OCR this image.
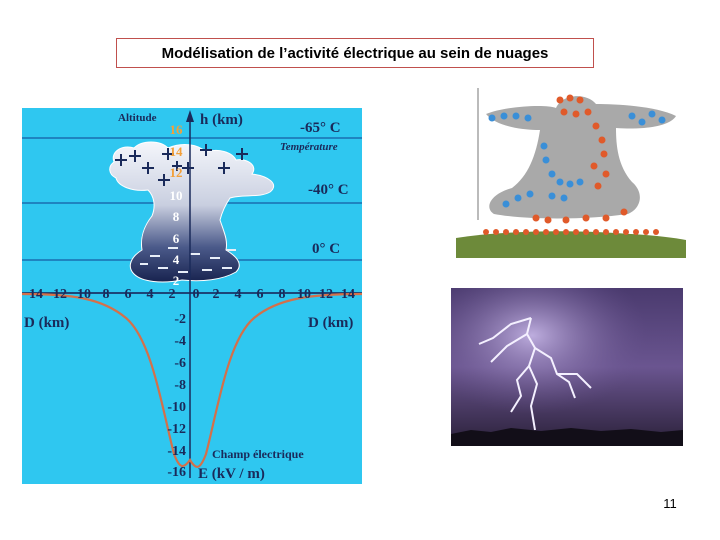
Modélisation de l’activité électrique au sein de nuages
Altitude	h (km)
Température
16
14
12
10
8
6
4
2
-65° C
-40° C
0° C
14 12 10 8 6 4 2 0 2 4 6 8 10 12 14
D (km)	D (km)
-2
-4
-6
-8
-10
-12
-14
-16
Champ électrique
E (kV / m)
11
